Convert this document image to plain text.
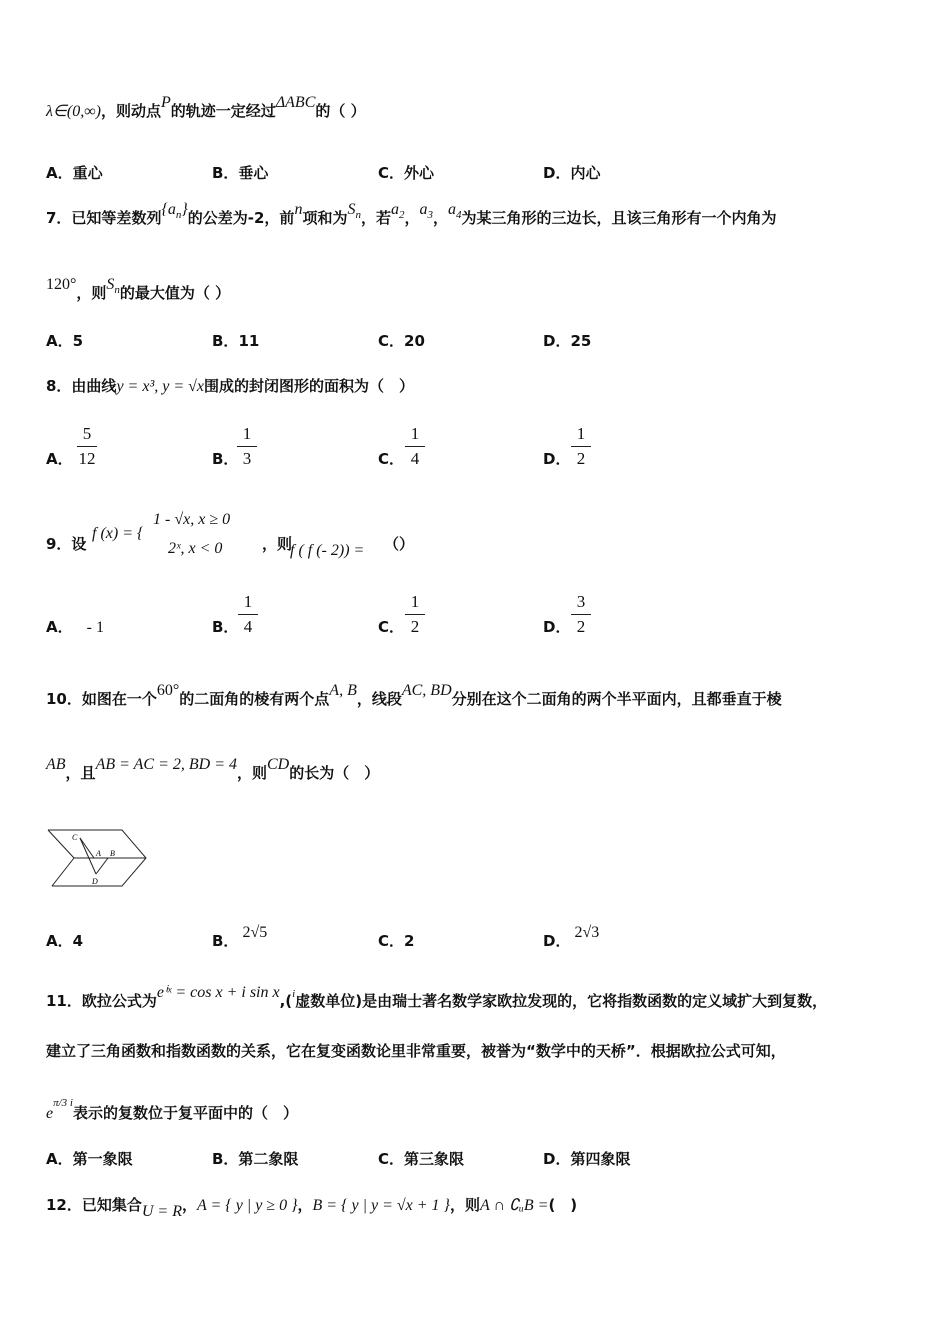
λ∈(0,∞)，则动点P的轨迹一定经过ΔABC的（ ）
A．重心	B．垂心	C．外心	D．内心
7．已知等差数列$\{a_n\}$的公差为-2，前n项和为$S_n$，若$a_2$，$a_3$，$a_4$为某三角形的三边长，且该三角形有一个内角为
120°，则$S_n$的最大值为（ ）
A．5	B．11	C．20	D．25
8．由曲线y = x³, y = √x围成的封闭图形的面积为（　）
A．
5
12	B．
1
3	C．
1
4	D．
1
2
9．设
f (x) = {
1 - √x, x ≥ 0
2ˣ, x < 0	，则
f ( f (- 2)) = （）
A． - 1	B．
1
4	C．
1
2	D．
3
2
10．如图在一个60°的二面角的棱有两个点A, B，线段AC, BD分别在这个二面角的两个半平面内，且都垂直于棱
AB，且AB = AC = 2, BD = 4，则CD的长为（　）
C
A B
D
A．4	B． 2√5	C．2	D． 2√3
11．欧拉公式为eⁱˣ = cos x + i sin x,($^i$虚数单位)是由瑞士著名数学家欧拉发现的，它将指数函数的定义域扩大到复数，
建立了三角函数和指数函数的关系，它在复变函数论里非常重要，被誉为“数学中的天桥”．根据欧拉公式可知，
$e^{\pi/3 i}$表示的复数位于复平面中的（　）
A．第一象限	B．第二象限	C．第三象限	D．第四象限
12．已知集合U = R，A = { y | y ≥ 0 }，B = { y | y = √x + 1 }，则A ∩ ∁ᵤB =(　)
